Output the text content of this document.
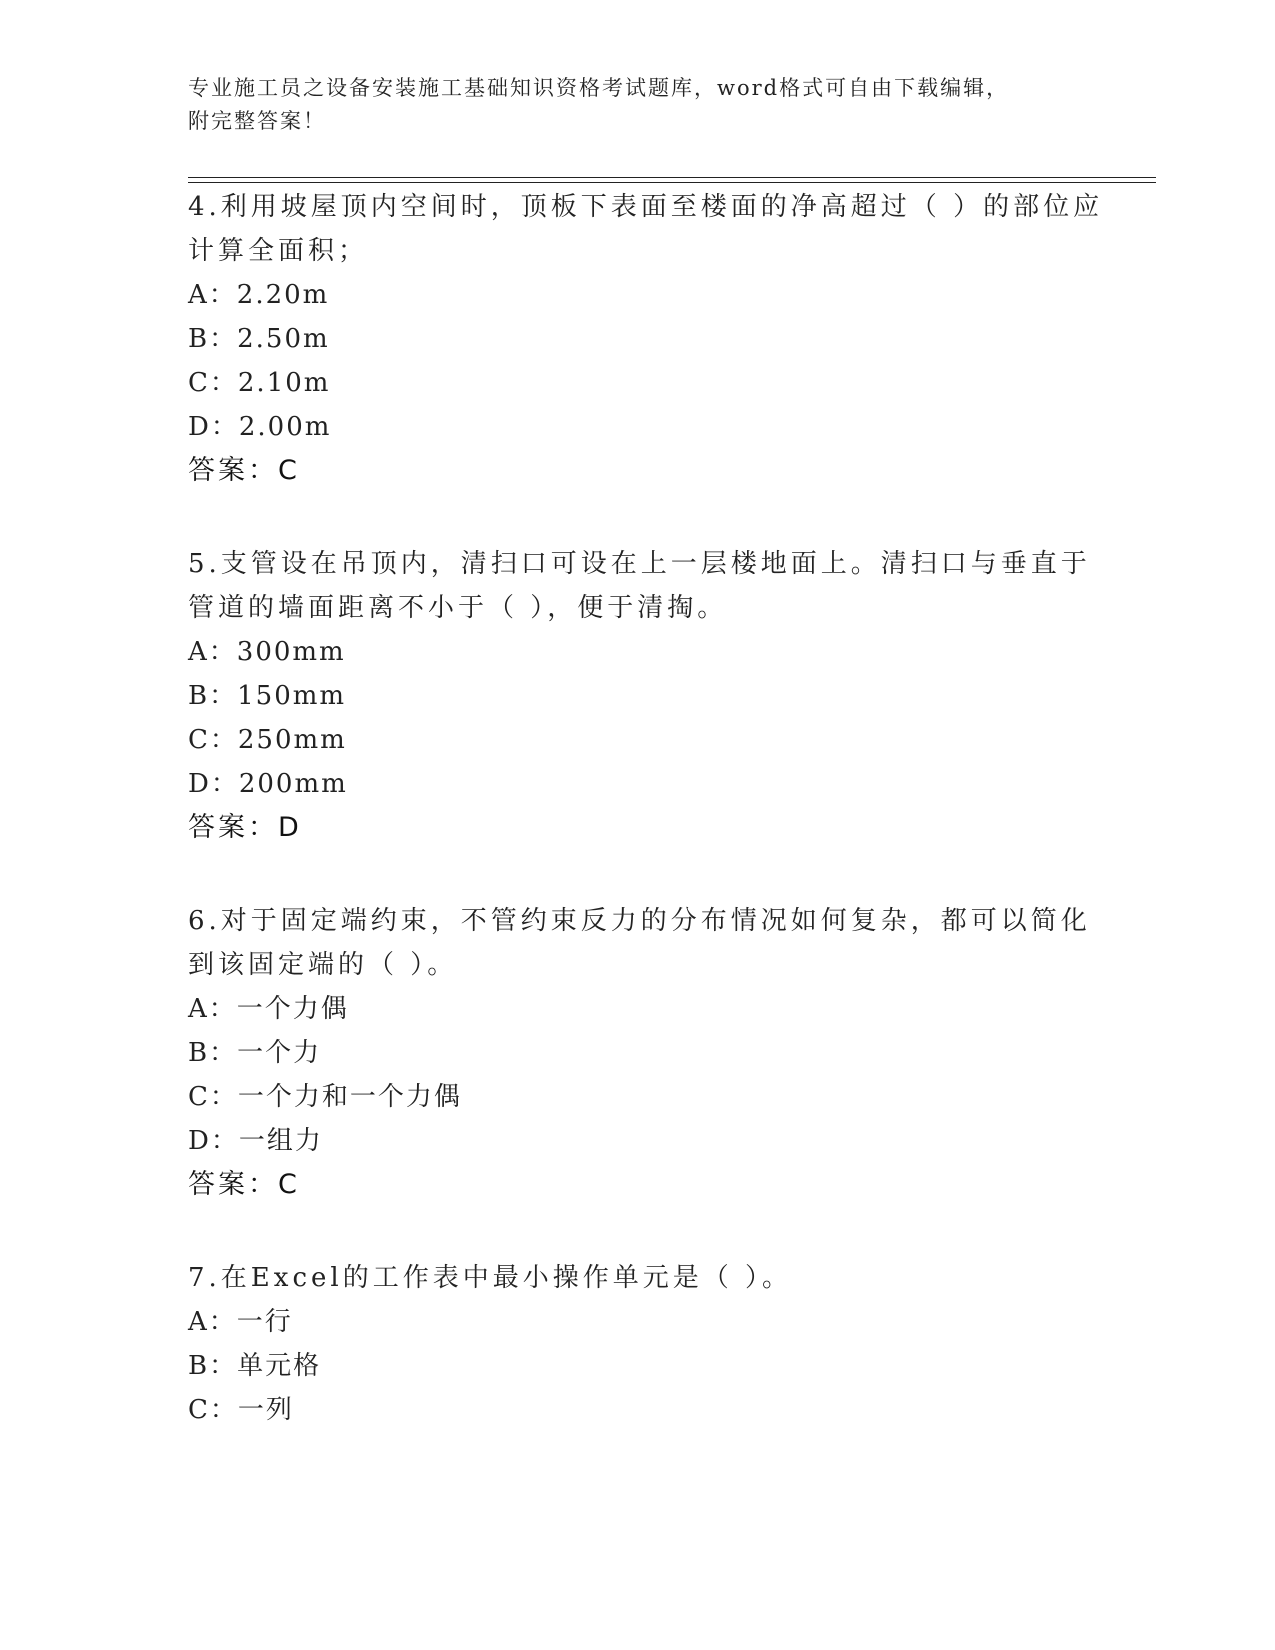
专业施工员之设备安装施工基础知识资格考试题库，word格式可自由下载编辑，
附完整答案！
4.利用坡屋顶内空间时，顶板下表面至楼面的净高超过（ ）的部位应
计算全面积；
A：2.20m
B：2.50m
C：2.10m
D：2.00m
答案：C
5.支管设在吊顶内，清扫口可设在上一层楼地面上。清扫口与垂直于
管道的墙面距离不小于（ ），便于清掏。
A：300mm
B：150mm
C：250mm
D：200mm
答案：D
6.对于固定端约束，不管约束反力的分布情况如何复杂，都可以简化
到该固定端的（ ）。
A：一个力偶
B：一个力
C：一个力和一个力偶
D：一组力
答案：C
7.在Excel的工作表中最小操作单元是（ ）。
A：一行
B：单元格
C：一列
